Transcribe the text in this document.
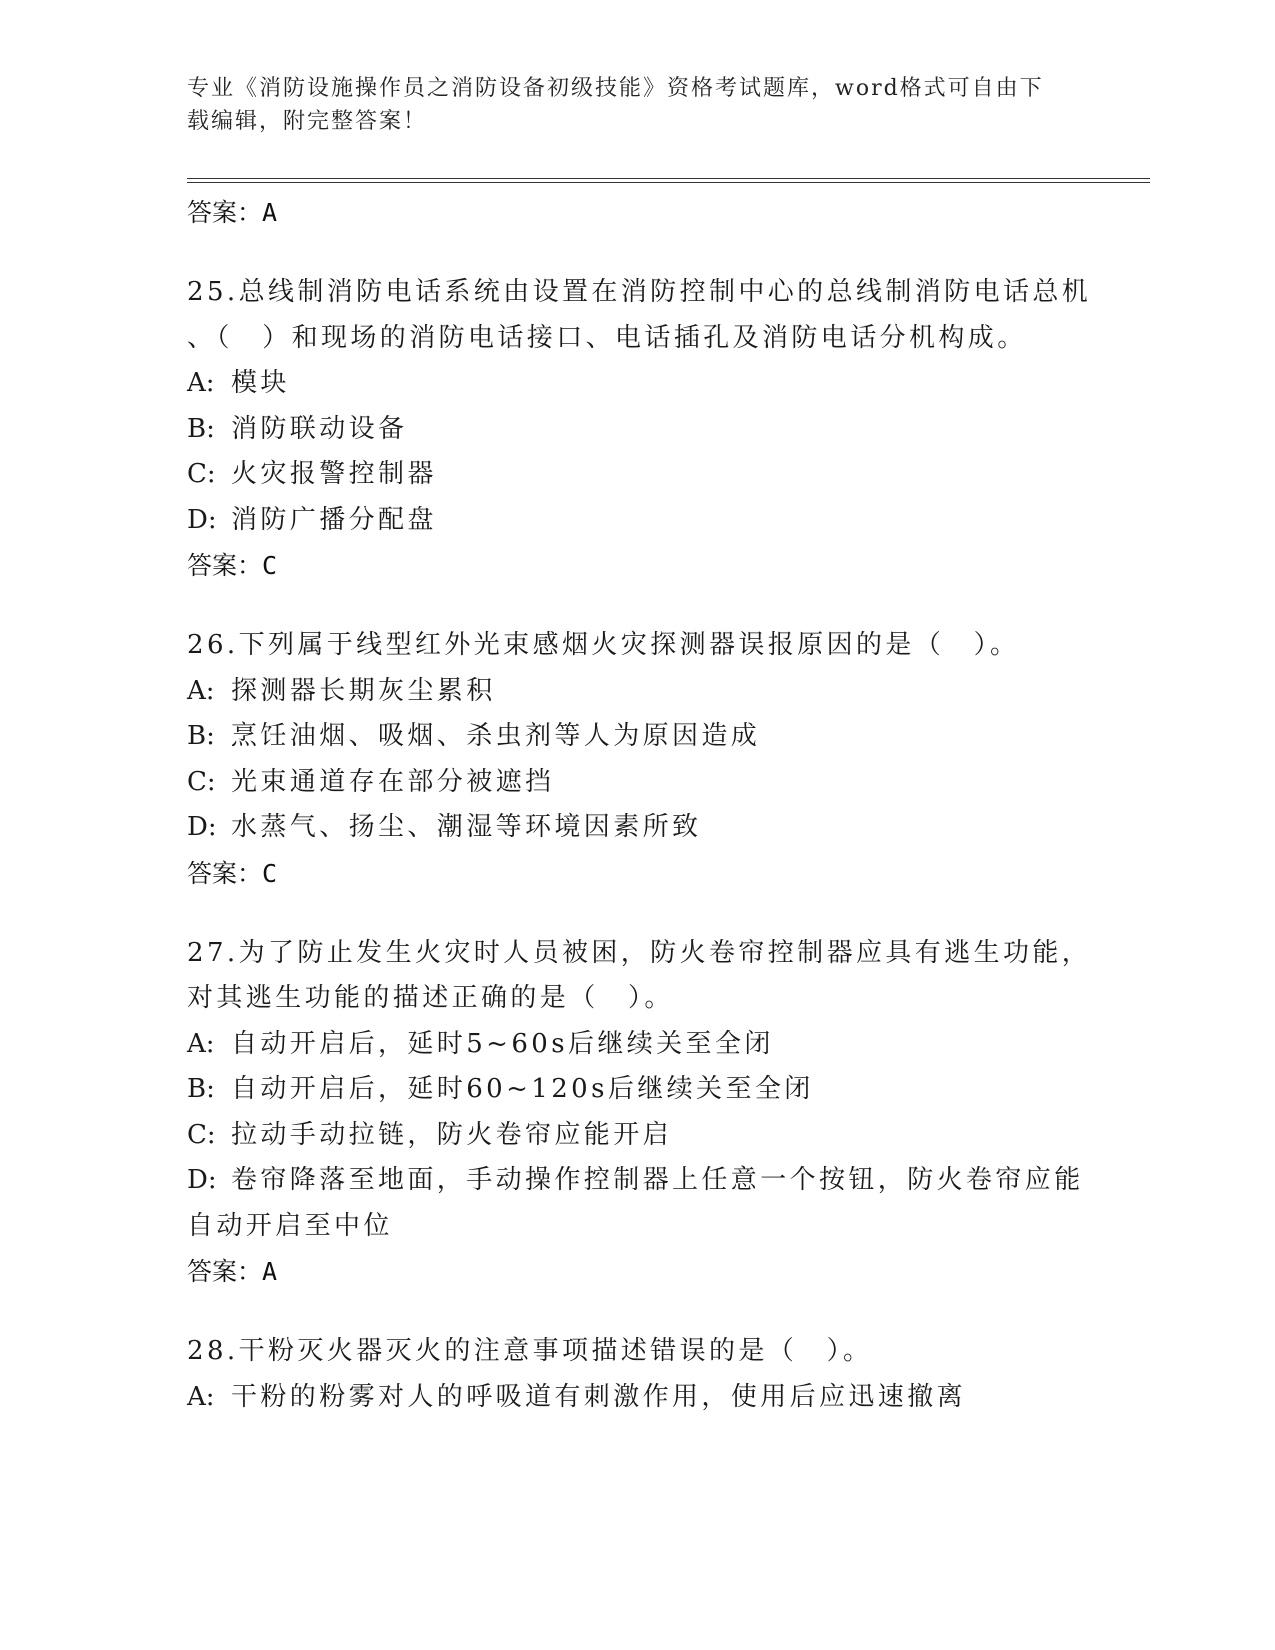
专业《消防设施操作员之消防设备初级技能》资格考试题库，word格式可自由下
载编辑，附完整答案！
答案：A
25.总线制消防电话系统由设置在消防控制中心的总线制消防电话总机
、（　）和现场的消防电话接口、电话插孔及消防电话分机构成。
A: 模块
B: 消防联动设备
C: 火灾报警控制器
D: 消防广播分配盘
答案：C
26.下列属于线型红外光束感烟火灾探测器误报原因的是（　）。
A: 探测器长期灰尘累积
B: 烹饪油烟、吸烟、杀虫剂等人为原因造成
C: 光束通道存在部分被遮挡
D: 水蒸气、扬尘、潮湿等环境因素所致
答案：C
27.为了防止发生火灾时人员被困，防火卷帘控制器应具有逃生功能，
对其逃生功能的描述正确的是（　）。
A: 自动开启后，延时5~60s后继续关至全闭
B: 自动开启后，延时60~120s后继续关至全闭
C: 拉动手动拉链，防火卷帘应能开启
D: 卷帘降落至地面，手动操作控制器上任意一个按钮，防火卷帘应能
自动开启至中位
答案：A
28.干粉灭火器灭火的注意事项描述错误的是（　）。
A: 干粉的粉雾对人的呼吸道有刺激作用，使用后应迅速撤离
